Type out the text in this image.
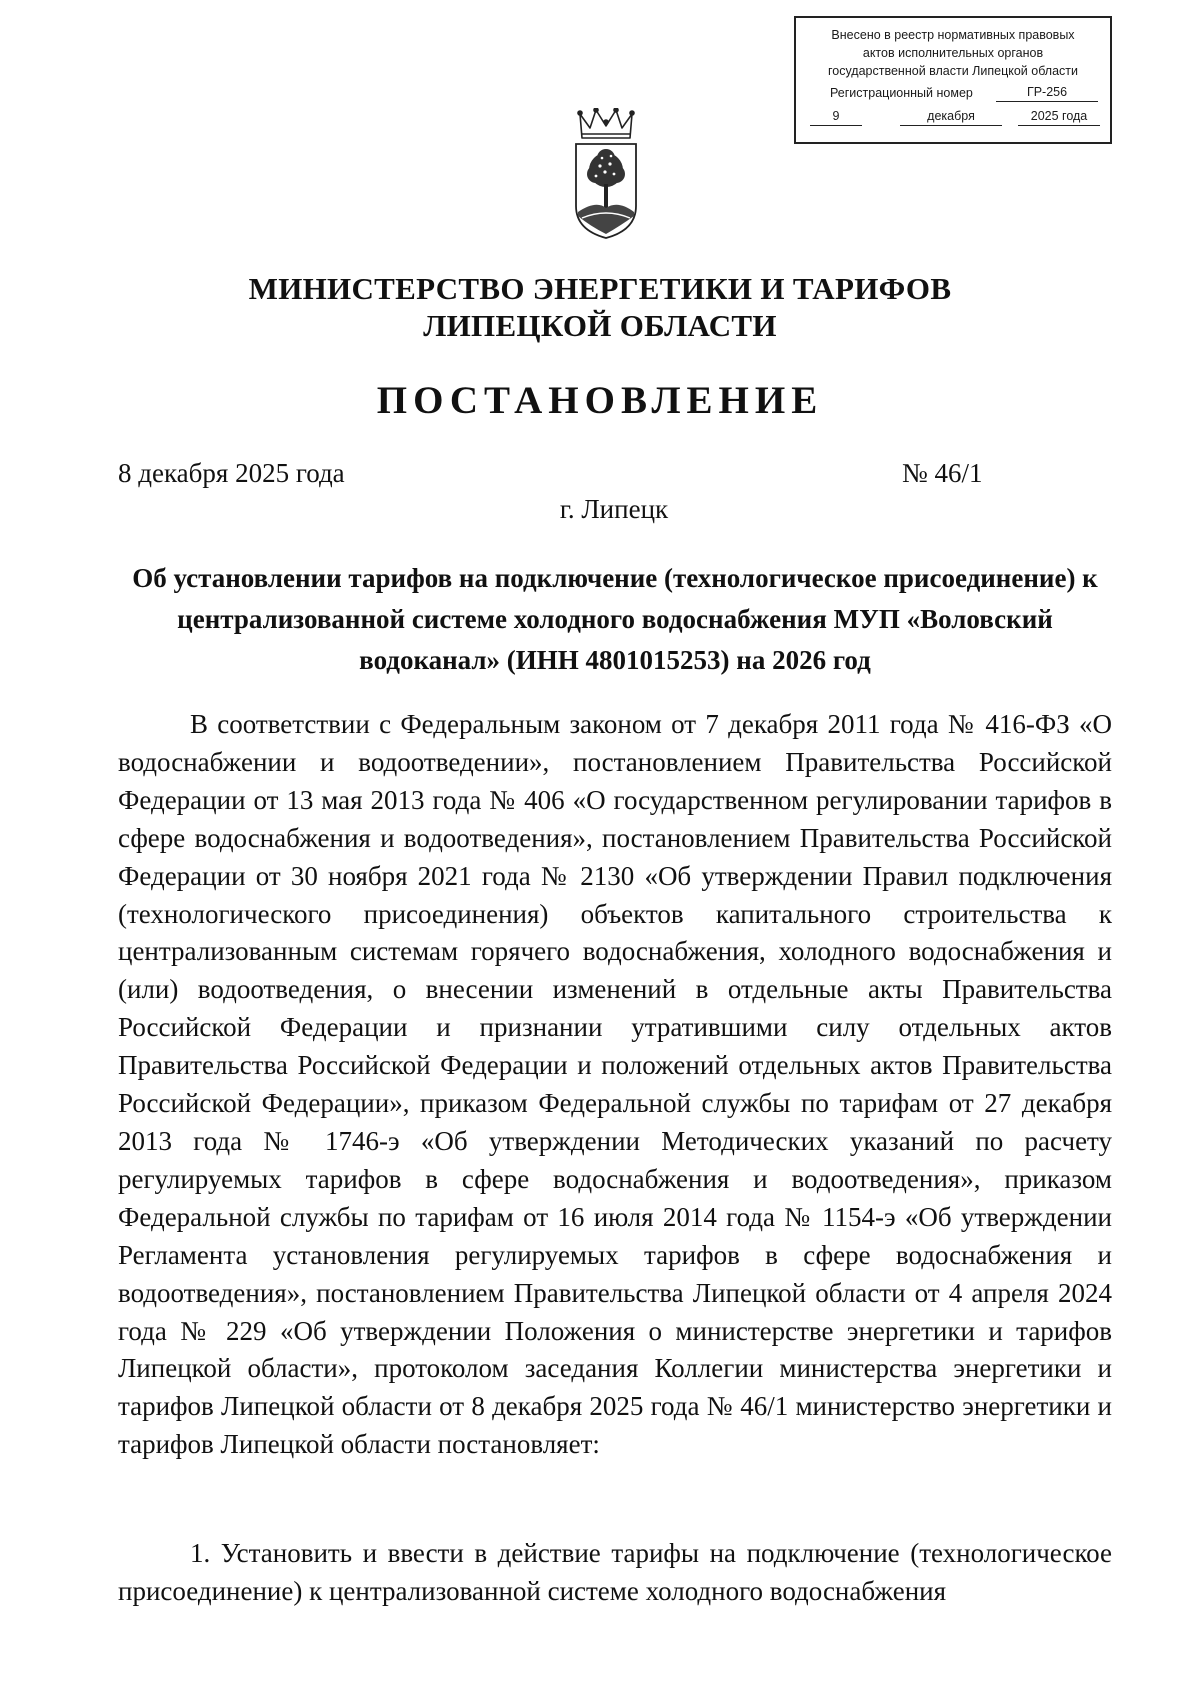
Внесено в реестр нормативных правовых
актов исполнительных органов
государственной власти Липецкой области
Регистрационный номер	ГР-256
9	декабря	2025 года
МИНИСТЕРСТВО ЭНЕРГЕТИКИ И ТАРИФОВ
ЛИПЕЦКОЙ ОБЛАСТИ
ПОСТАНОВЛЕНИЕ
8 декабря 2025 года	№ 46/1
г. Липецк
Об установлении тарифов на подключение (технологическое присоединение) к централизованной системе холодного водоснабжения МУП «Воловский водоканал» (ИНН 4801015253) на 2026 год
В соответствии с Федеральным законом от 7 декабря 2011 года № 416-ФЗ «О водоснабжении и водоотведении», постановлением Правительства Российской Федерации от 13 мая 2013 года № 406 «О государственном регулировании тарифов в сфере водоснабжения и водоотведения», постановлением Правительства Российской Федерации от 30 ноября 2021 года № 2130 «Об утверждении Правил подключения (технологического присоединения) объектов капитального строительства к централизованным системам горячего водоснабжения, холодного водоснабжения и (или) водоотведения, о внесении изменений в отдельные акты Правительства Российской Федерации и признании утратившими силу отдельных актов Правительства Российской Федерации и положений отдельных актов Правительства Российской Федерации», приказом Федеральной службы по тарифам от 27 декабря 2013 года № 1746-э «Об утверждении Методических указаний по расчету регулируемых тарифов в сфере водоснабжения и водоотведения», приказом Федеральной службы по тарифам от 16 июля 2014 года № 1154-э «Об утверждении Регламента установления регулируемых тарифов в сфере водоснабжения и водоотведения», постановлением Правительства Липецкой области от 4 апреля 2024 года № 229 «Об утверждении Положения о министерстве энергетики и тарифов Липецкой области», протоколом заседания Коллегии министерства энергетики и тарифов Липецкой области от 8 декабря 2025 года № 46/1 министерство энергетики и тарифов Липецкой области постановляет:
1. Установить и ввести в действие тарифы на подключение (технологическое присоединение) к централизованной системе холодного водоснабжения
